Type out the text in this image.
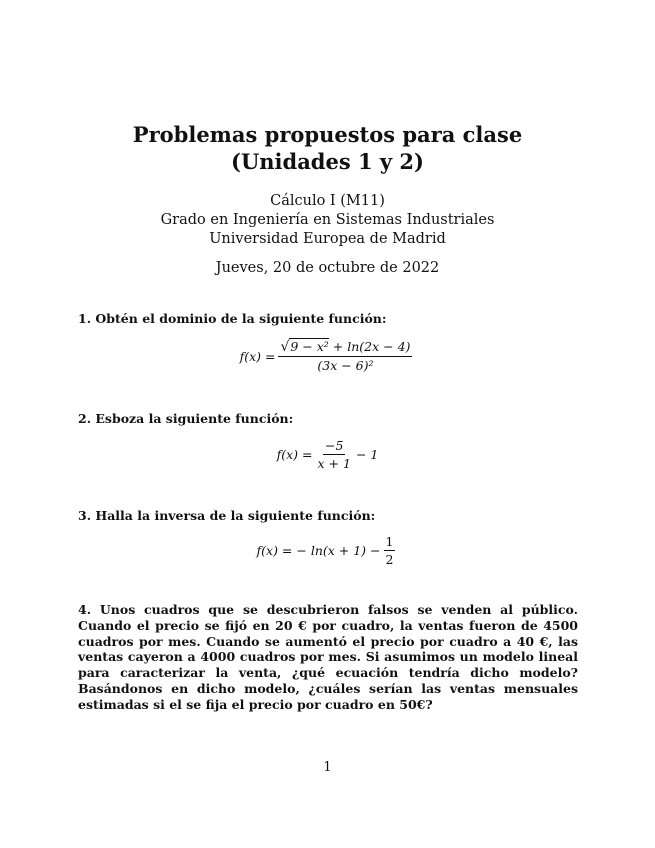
Problemas propuestos para clase
(Unidades 1 y 2)
Cálculo I (M11)
Grado en Ingeniería en Sistemas Industriales
Universidad Europea de Madrid
Jueves, 20 de octubre de 2022
1. Obtén el dominio de la siguiente función:
$f(x) = \frac{\text{√9 − x² + ln(2x − 4)}}{\text{(3x − 6)²}}$
2. Esboza la siguiente función:
$f(x) = \frac{-5}{x + 1} - 1$
3. Halla la inversa de la siguiente función:
f(x) = − $\ln(x + 1) - \frac{1}{2}$
4. Unos cuadros que se descubrieron falsos se venden al público. Cuando el precio se fijó en 20 € por cuadro, la ventas fueron de 4500 cuadros por mes. Cuando se aumentó el precio por cuadro a 40 €, las ventas cayeron a 4000 cuadros por mes. Si asumimos un modelo lineal para caracterizar la venta, ¿qué ecuación tendría dicho modelo? Basándonos en dicho modelo, ¿cuáles serían las ventas mensuales estimadas si el se fija el precio por cuadro en 50€?
1
